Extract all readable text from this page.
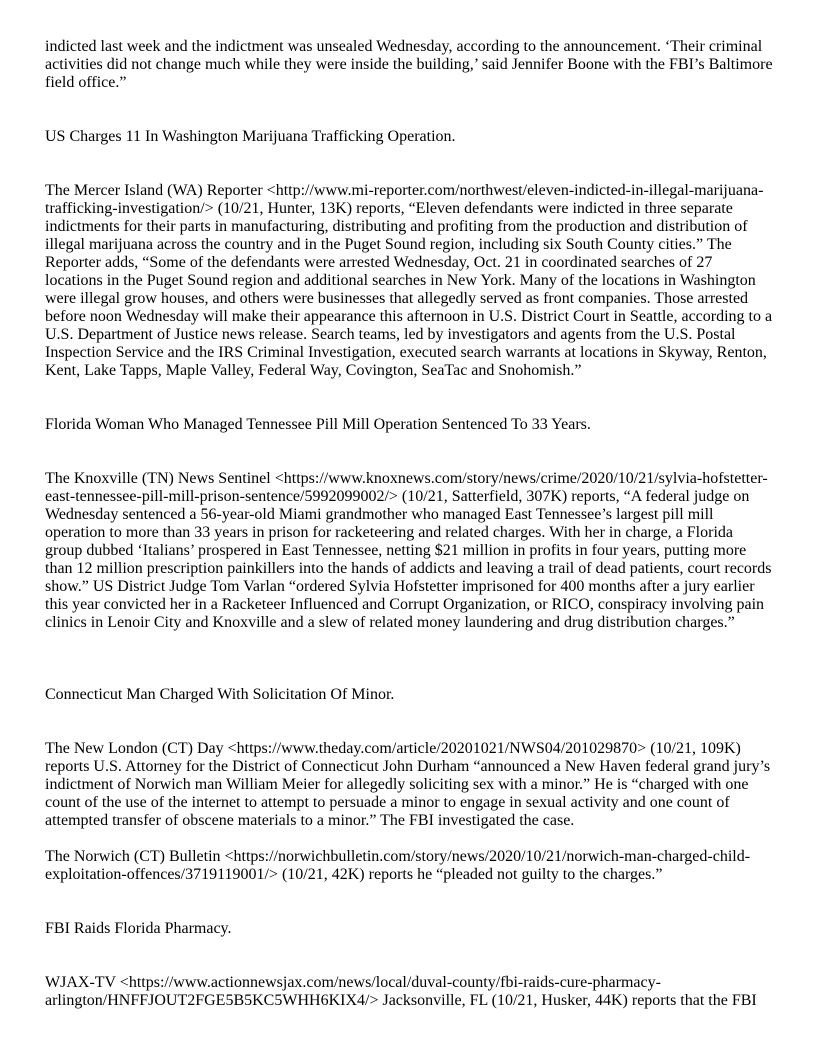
indicted last week and the indictment was unsealed Wednesday, according to the announcement. ‘Their criminal activities did not change much while they were inside the building,’ said Jennifer Boone with the FBI’s Baltimore field office.”

US Charges 11 In Washington Marijuana Trafficking Operation.

The Mercer Island (WA) Reporter <http://www.mi-reporter.com/northwest/eleven-indicted-in-illegal-marijuana-trafficking-investigation/> (10/21, Hunter, 13K) reports, “Eleven defendants were indicted in three separate indictments for their parts in manufacturing, distributing and profiting from the production and distribution of illegal marijuana across the country and in the Puget Sound region, including six South County cities.” The Reporter adds, “Some of the defendants were arrested Wednesday, Oct. 21 in coordinated searches of 27 locations in the Puget Sound region and additional searches in New York. Many of the locations in Washington were illegal grow houses, and others were businesses that allegedly served as front companies. Those arrested before noon Wednesday will make their appearance this afternoon in U.S. District Court in Seattle, according to a U.S. Department of Justice news release. Search teams, led by investigators and agents from the U.S. Postal Inspection Service and the IRS Criminal Investigation, executed search warrants at locations in Skyway, Renton, Kent, Lake Tapps, Maple Valley, Federal Way, Covington, SeaTac and Snohomish.”

Florida Woman Who Managed Tennessee Pill Mill Operation Sentenced To 33 Years.

The Knoxville (TN) News Sentinel <https://www.knoxnews.com/story/news/crime/2020/10/21/sylvia-hofstetter-east-tennessee-pill-mill-prison-sentence/5992099002/> (10/21, Satterfield, 307K) reports, “A federal judge on Wednesday sentenced a 56-year-old Miami grandmother who managed East Tennessee’s largest pill mill operation to more than 33 years in prison for racketeering and related charges. With her in charge, a Florida group dubbed ‘Italians’ prospered in East Tennessee, netting $21 million in profits in four years, putting more than 12 million prescription painkillers into the hands of addicts and leaving a trail of dead patients, court records show.” US District Judge Tom Varlan “ordered Sylvia Hofstetter imprisoned for 400 months after a jury earlier this year convicted her in a Racketeer Influenced and Corrupt Organization, or RICO, conspiracy involving pain clinics in Lenoir City and Knoxville and a slew of related money laundering and drug distribution charges.”

Connecticut Man Charged With Solicitation Of Minor.

The New London (CT) Day <https://www.theday.com/article/20201021/NWS04/201029870> (10/21, 109K) reports U.S. Attorney for the District of Connecticut John Durham “announced a New Haven federal grand jury’s indictment of Norwich man William Meier for allegedly soliciting sex with a minor.” He is “charged with one count of the use of the internet to attempt to persuade a minor to engage in sexual activity and one count of attempted transfer of obscene materials to a minor.” The FBI investigated the case.

The Norwich (CT) Bulletin <https://norwichbulletin.com/story/news/2020/10/21/norwich-man-charged-child-exploitation-offences/3719119001/> (10/21, 42K) reports he “pleaded not guilty to the charges.”

FBI Raids Florida Pharmacy.

WJAX-TV <https://www.actionnewsjax.com/news/local/duval-county/fbi-raids-cure-pharmacy-arlington/HNFFJOUT2FGE5B5KC5WHH6KIX4/> Jacksonville, FL (10/21, Husker, 44K) reports that the FBI
